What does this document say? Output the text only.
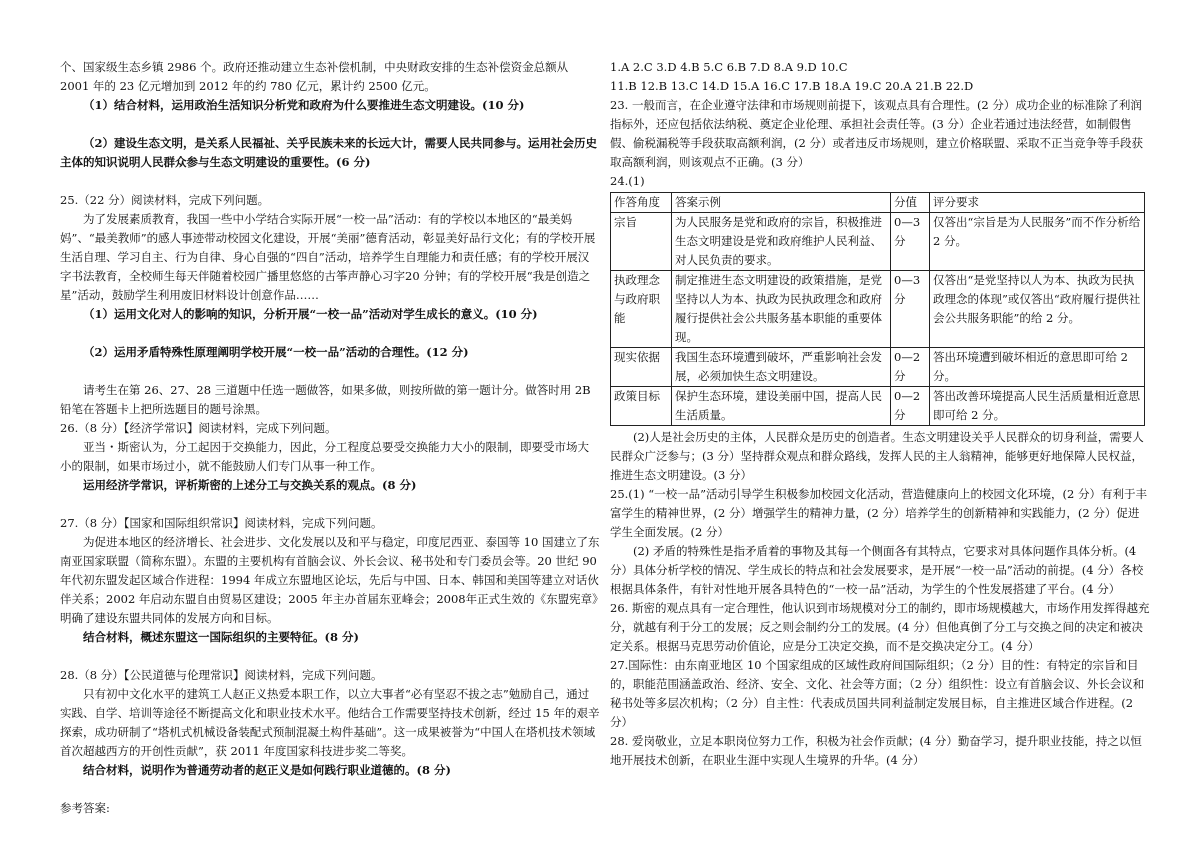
个、国家级生态乡镇 2986 个。政府还推动建立生态补偿机制，中央财政安排的生态补偿资金总额从

2001 年的 23 亿元增加到 2012 年的约 780 亿元，累计约 2500 亿元。

（1）结合材料，运用政治生活知识分析党和政府为什么要推进生态文明建设。(10 分)

（2）建设生态文明，是关系人民福祉、关乎民族未来的长远大计，需要人民共同参与。运用社会历史主体的知识说明人民群众参与生态文明建设的重要性。(6 分)

25.（22 分）阅读材料，完成下列问题。

为了发展素质教育，我国一些中小学结合实际开展“一校一品”活动：有的学校以本地区的“最美妈妈”、“最美教师”的感人事迹带动校园文化建设，开展“美丽”德育活动，彰显美好品行文化；有的学校开展生活自理、学习自主、行为自律、身心自强的“四自”活动，培养学生自理能力和责任感；有的学校开展汉字书法教育，全校师生每天伴随着校园广播里悠悠的古筝声静心习字20 分钟；有的学校开展“我是创造之星”活动，鼓励学生利用废旧材料设计创意作品……

（1）运用文化对人的影响的知识，分析开展“一校一品”活动对学生成长的意义。(10 分)

（2）运用矛盾特殊性原理阐明学校开展“一校一品”活动的合理性。(12 分)

请考生在第 26、27、28 三道题中任选一题做答，如果多做，则按所做的第一题计分。做答时用 2B 铅笔在答题卡上把所选题目的题号涂黑。

26.（8 分）【经济学常识】阅读材料，完成下列问题。

亚当・斯密认为，分工起因于交换能力，因此，分工程度总要受交换能力大小的限制，即要受市场大小的限制，如果市场过小，就不能鼓励人们专门从事一种工作。

运用经济学常识，评析斯密的上述分工与交换关系的观点。(8 分)

27.（8 分）【国家和国际组织常识】阅读材料，完成下列问题。

为促进本地区的经济增长、社会进步、文化发展以及和平与稳定，印度尼西亚、泰国等 10 国建立了东南亚国家联盟（简称东盟）。东盟的主要机构有首脑会议、外长会议、秘书处和专门委员会等。20 世纪 90 年代初东盟发起区域合作进程：1994 年成立东盟地区论坛，先后与中国、日本、韩国和美国等建立对话伙伴关系；2002 年启动东盟自由贸易区建设；2005 年主办首届东亚峰会；2008年正式生效的《东盟宪章》明确了建设东盟共同体的发展方向和目标。

结合材料，概述东盟这一国际组织的主要特征。(8 分)

28.（8 分）【公民道德与伦理常识】阅读材料，完成下列问题。

只有初中文化水平的建筑工人赵正义热爱本职工作，以立大事者“必有坚忍不拔之志”勉励自己，通过实践、自学、培训等途径不断提高文化和职业技术水平。他结合工作需要坚持技术创新，经过 15 年的艰辛探索，成功研制了“塔机式机械设备装配式预制混凝土构件基础”。这一成果被誉为“中国人在塔机技术领域首次超越西方的开创性贡献”，获 2011 年度国家科技进步奖二等奖。

结合材料，说明作为普通劳动者的赵正义是如何践行职业道德的。(8 分)

参考答案:

1.A 2.C 3.D 4.B 5.C 6.B 7.D 8.A 9.D 10.C

11.B 12.B 13.C 14.D 15.A 16.C 17.B 18.A 19.C 20.A 21.B 22.D

23. 一般而言，在企业遵守法律和市场规则前提下，该观点具有合理性。(2 分）成功企业的标准除了利润指标外，还应包括依法纳税、奠定企业伦理、承担社会责任等。(3 分）企业若通过违法经营，如制假售假、偷税漏税等手段获取高额利润，(2 分）或者违反市场规则，建立价格联盟、采取不正当竞争等手段获取高额利润，则该观点不正确。(3 分）

24.(1)

作答角度	答案示例	分值	评分要求
宗旨	为人民服务是党和政府的宗旨，积极推进生态文明建设是党和政府维护人民利益、对人民负责的要求。	0—3分	仅答出“宗旨是为人民服务”而不作分析给 2 分。
执政理念与政府职能	制定推进生态文明建设的政策措施，是党坚持以人为本、执政为民执政理念和政府履行提供社会公共服务基本职能的重要体现。	0—3分	仅答出“是党坚持以人为本、执政为民执政理念的体现”或仅答出“政府履行提供社会公共服务职能”的给 2 分。
现实依据	我国生态环境遭到破坏，严重影响社会发展，必须加快生态文明建设。	0—2分	答出环境遭到破坏相近的意思即可给 2 分。
政策目标	保护生态环境，建设美丽中国，提高人民生活质量。	0—2分	答出改善环境提高人民生活质量相近意思即可给 2 分。

(2)人是社会历史的主体，人民群众是历史的创造者。生态文明建设关乎人民群众的切身利益，需要人民群众广泛参与；(3 分）坚持群众观点和群众路线，发挥人民的主人翁精神，能够更好地保障人民权益，推进生态文明建设。(3 分）

25.(1) “一校一品”活动引导学生积极参加校园文化活动，营造健康向上的校园文化环境，(2 分）有利于丰富学生的精神世界，(2 分）增强学生的精神力量，(2 分）培养学生的创新精神和实践能力，(2 分）促进学生全面发展。(2 分）

(2) 矛盾的特殊性是指矛盾着的事物及其每一个侧面各有其特点，它要求对具体问题作具体分析。(4 分）具体分析学校的情况、学生成长的特点和社会发展要求，是开展“一校一品”活动的前提。(4 分）各校根据具体条件，有针对性地开展各具特色的“一校一品”活动，为学生的个性发展搭建了平台。(4 分）

26. 斯密的观点具有一定合理性，他认识到市场规模对分工的制约，即市场规模越大，市场作用发挥得越充分，就越有利于分工的发展；反之则会制约分工的发展。(4 分）但他真倒了分工与交换之间的决定和被决定关系。根据马克思劳动价值论，应是分工决定交换，而不是交换决定分工。(4 分）

27.国际性：由东南亚地区 10 个国家组成的区域性政府间国际组织；（2 分）目的性：有特定的宗旨和目的，职能范围涵盖政治、经济、安全、文化、社会等方面；（2 分）组织性：设立有首脑会议、外长会议和秘书处等多层次机构；（2 分）自主性：代表成员国共同利益制定发展目标，自主推进区域合作进程。(2 分）

28. 爱岗敬业，立足本职岗位努力工作，积极为社会作贡献；(4 分）勤奋学习，提升职业技能，持之以恒地开展技术创新，在职业生涯中实现人生境界的升华。(4 分）
